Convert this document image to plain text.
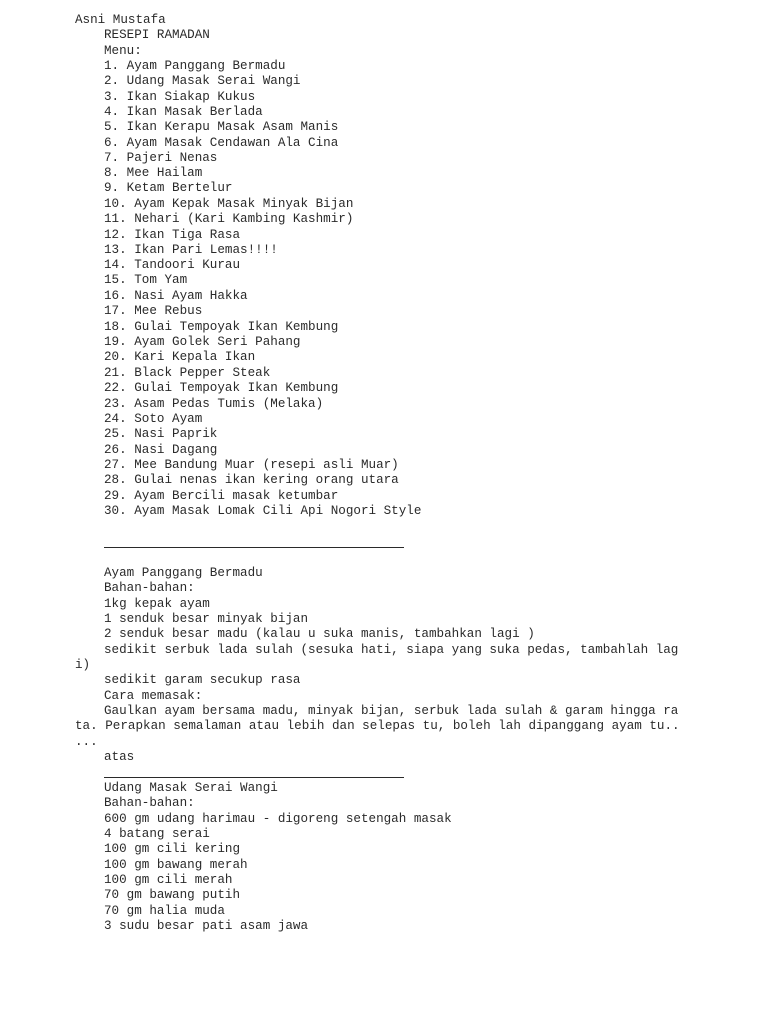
Asni Mustafa
RESEPI RAMADAN
Menu:
1. Ayam Panggang Bermadu
2. Udang Masak Serai Wangi
3. Ikan Siakap Kukus
4. Ikan Masak Berlada
5. Ikan Kerapu Masak Asam Manis
6. Ayam Masak Cendawan Ala Cina
7. Pajeri Nenas
8. Mee Hailam
9. Ketam Bertelur
10. Ayam Kepak Masak Minyak Bijan
11. Nehari (Kari Kambing Kashmir)
12. Ikan Tiga Rasa
13. Ikan Pari Lemas!!!!
14. Tandoori Kurau
15. Tom Yam
16. Nasi Ayam Hakka
17. Mee Rebus
18. Gulai Tempoyak Ikan Kembung
19. Ayam Golek Seri Pahang
20. Kari Kepala Ikan
21. Black Pepper Steak
22. Gulai Tempoyak Ikan Kembung
23. Asam Pedas Tumis (Melaka)
24. Soto Ayam
25. Nasi Paprik
26. Nasi Dagang
27. Mee Bandung Muar (resepi asli Muar)
28. Gulai nenas ikan kering orang utara
29. Ayam Bercili masak ketumbar
30. Ayam Masak Lomak Cili Api Nogori Style
Ayam Panggang Bermadu
Bahan-bahan:
1kg kepak ayam
1 senduk besar minyak bijan
2 senduk besar madu (kalau u suka manis, tambahkan lagi )
sedikit serbuk lada sulah (sesuka hati, siapa yang suka pedas, tambahlah lag
i)
sedikit garam secukup rasa
Cara memasak:
Gaulkan ayam bersama madu, minyak bijan, serbuk lada sulah & garam hingga ra
ta. Perapkan semalaman atau lebih dan selepas tu, boleh lah dipanggang ayam tu..
...
atas
Udang Masak Serai Wangi
Bahan-bahan:
600 gm udang harimau - digoreng setengah masak
4 batang serai
100 gm cili kering
100 gm bawang merah
100 gm cili merah
70 gm bawang putih
70 gm halia muda
3 sudu besar pati asam jawa
